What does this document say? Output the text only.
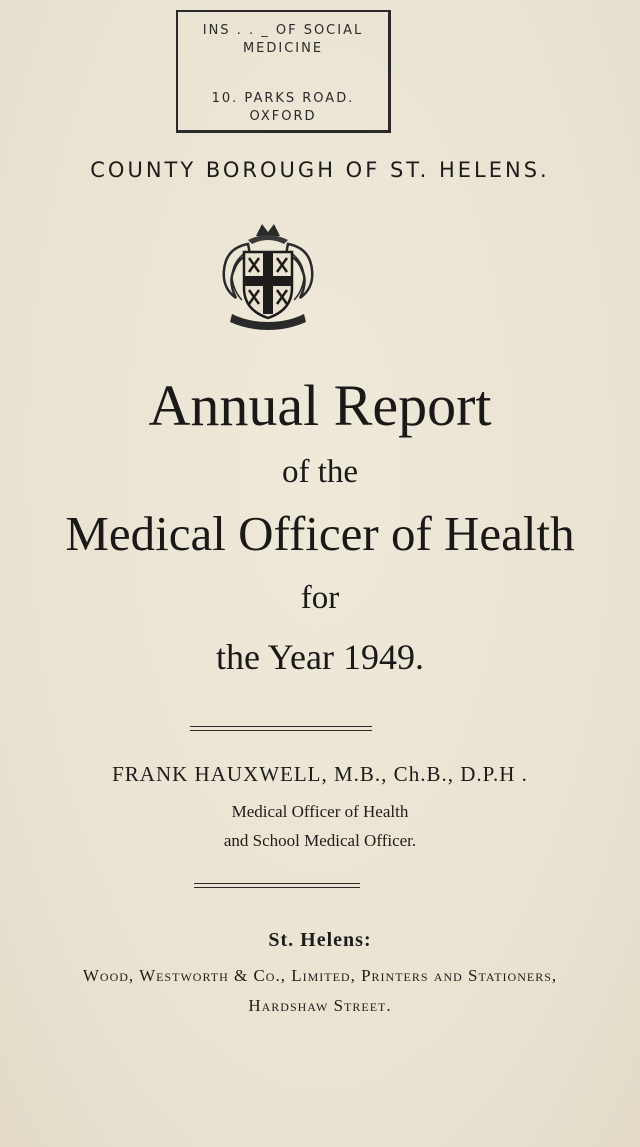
INS . . _ OF SOCIAL
MEDICINE
10. PARKS ROAD.
OXFORD
COUNTY BOROUGH OF ST. HELENS.
Annual Report
of the
Medical Officer of Health
for
the Year 1949.
FRANK HAUXWELL, M.B., Ch.B., D.P.H .
Medical Officer of Health
and School Medical Officer.
St. Helens:
Wood, Westworth & Co., Limited, Printers and Stationers,
Hardshaw Street.
